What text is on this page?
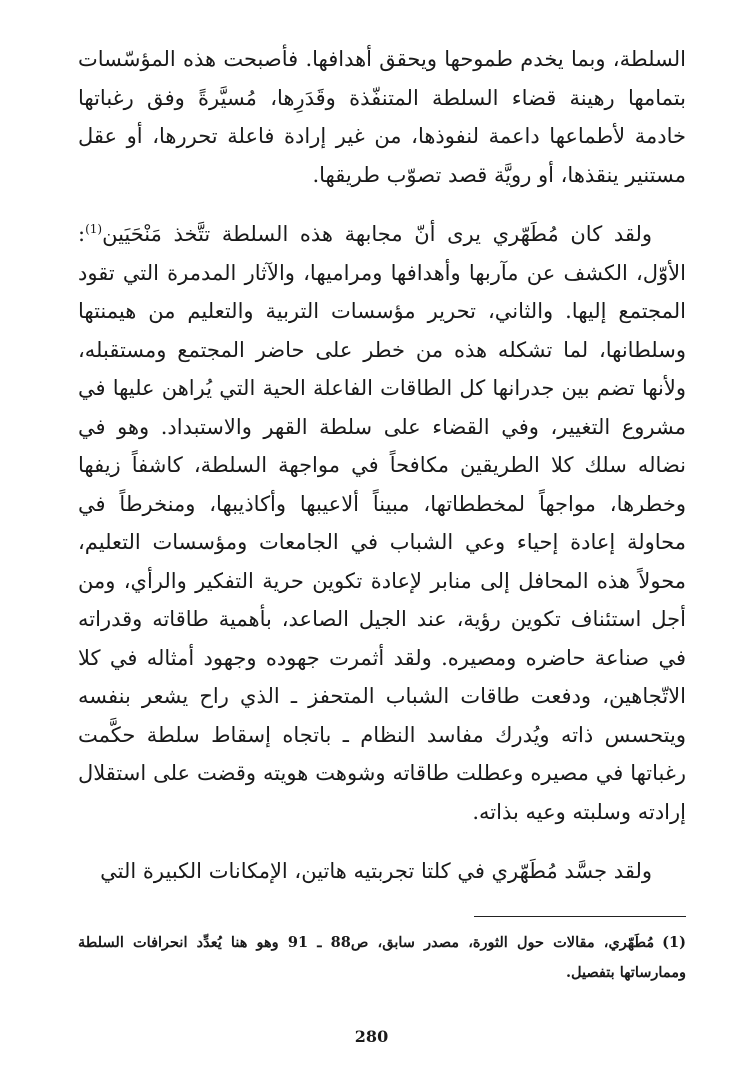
السلطة، وبما يخدم طموحها ويحقق أهدافها. فأصبحت هذه المؤسّسات بتمامها رهينة قضاء السلطة المتنفّذة وقَدَرِها، مُسيَّرةً وفق رغباتها خادمة لأطماعها داعمة لنفوذها، من غير إرادة فاعلة تحررها، أو عقل مستنير ينقذها، أو رويَّة قصد تصوّب طريقها.

ولقد كان مُطَهّري يرى أنّ مجابهة هذه السلطة تتَّخذ مَنْحَيَين$^{(1)}$: الأوّل، الكشف عن مآربها وأهدافها ومراميها، والآثار المدمرة التي تقود المجتمع إليها. والثاني، تحرير مؤسسات التربية والتعليم من هيمنتها وسلطانها، لما تشكله هذه من خطر على حاضر المجتمع ومستقبله، ولأنها تضم بين جدرانها كل الطاقات الفاعلة الحية التي يُراهن عليها في مشروع التغيير، وفي القضاء على سلطة القهر والاستبداد. وهو في نضاله سلك كلا الطريقين مكافحاً في مواجهة السلطة، كاشفاً زيفها وخطرها، مواجهاً لمخططاتها، مبيناً ألاعيبها وأكاذيبها، ومنخرطاً في محاولة إعادة إحياء وعي الشباب في الجامعات ومؤسسات التعليم، محولاً هذه المحافل إلى منابر لإعادة تكوين حرية التفكير والرأي، ومن أجل استئناف تكوين رؤية، عند الجيل الصاعد، بأهمية طاقاته وقدراته في صناعة حاضره ومصيره. ولقد أثمرت جهوده وجهود أمثاله في كلا الاتّجاهين، ودفعت طاقات الشباب المتحفز ـ الذي راح يشعر بنفسه ويتحسس ذاته ويُدرك مفاسد النظام ـ باتجاه إسقاط سلطة حكَّمت رغباتها في مصيره وعطلت طاقاته وشوهت هويته وقضت على استقلال إرادته وسلبته وعيه بذاته.

ولقد جسَّد مُطَهّري في كلتا تجربتيه هاتين، الإمكانات الكبيرة التي

(1)مُطَهّري، مقالات حول الثورة، مصدر سابق، ص88 ـ 91 وهو هنا يُعدِّد انحرافات السلطة وممارساتها بتفصيل.
280
